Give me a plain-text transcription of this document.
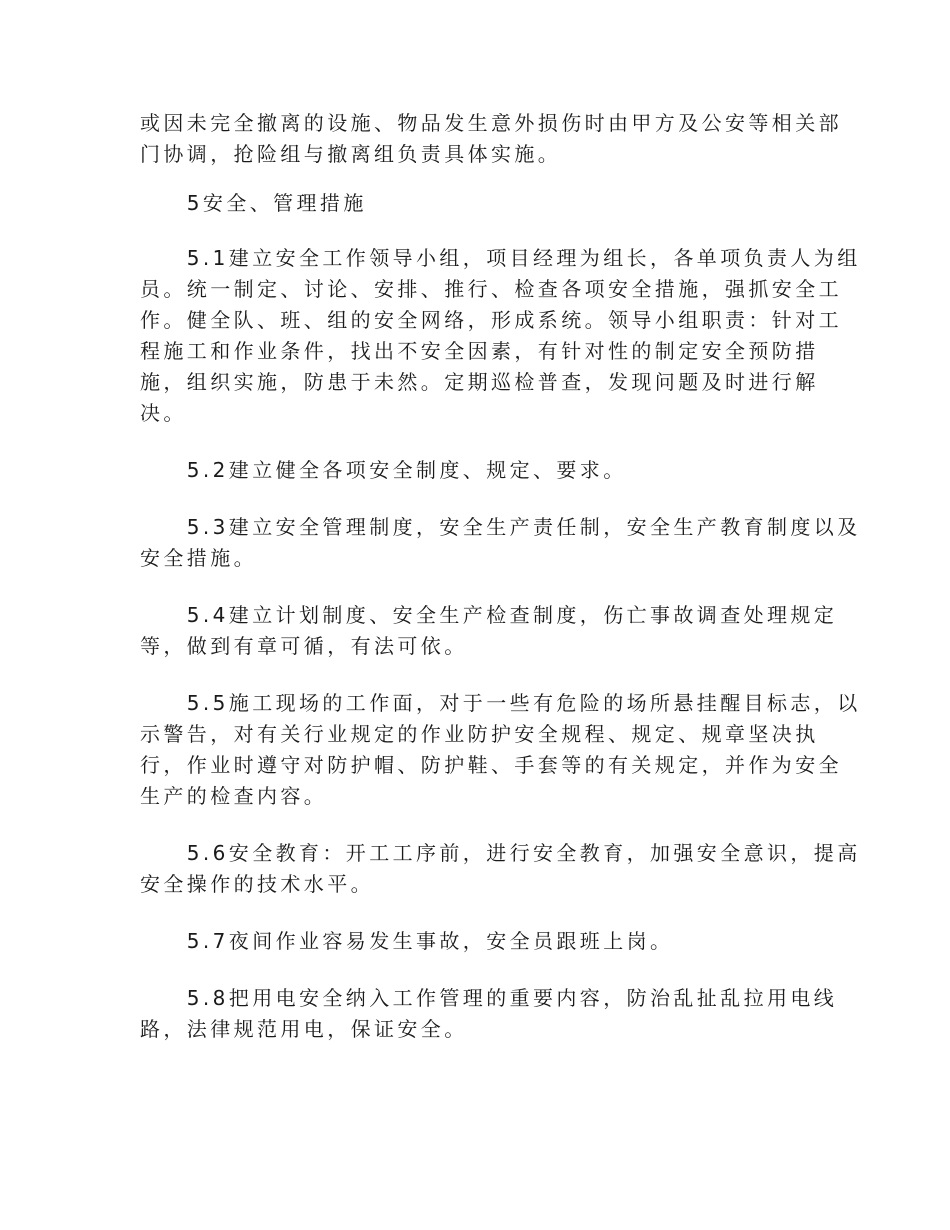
或因未完全撤离的设施、物品发生意外损伤时由甲方及公安等相关部
门协调，抢险组与撤离组负责具体实施。
　　5安全、管理措施
　　5.1建立安全工作领导小组，项目经理为组长，各单项负责人为组
员。统一制定、讨论、安排、推行、检查各项安全措施，强抓安全工
作。健全队、班、组的安全网络，形成系统。领导小组职责：针对工
程施工和作业条件，找出不安全因素，有针对性的制定安全预防措
施，组织实施，防患于未然。定期巡检普查，发现问题及时进行解
决。
　　5.2建立健全各项安全制度、规定、要求。
　　5.3建立安全管理制度，安全生产责任制，安全生产教育制度以及
安全措施。
　　5.4建立计划制度、安全生产检查制度，伤亡事故调查处理规定
等，做到有章可循，有法可依。
　　5.5施工现场的工作面，对于一些有危险的场所悬挂醒目标志，以
示警告，对有关行业规定的作业防护安全规程、规定、规章坚决执
行，作业时遵守对防护帽、防护鞋、手套等的有关规定，并作为安全
生产的检查内容。
　　5.6安全教育：开工工序前，进行安全教育，加强安全意识，提高
安全操作的技术水平。
　　5.7夜间作业容易发生事故，安全员跟班上岗。
　　5.8把用电安全纳入工作管理的重要内容，防治乱扯乱拉用电线
路，法律规范用电，保证安全。
